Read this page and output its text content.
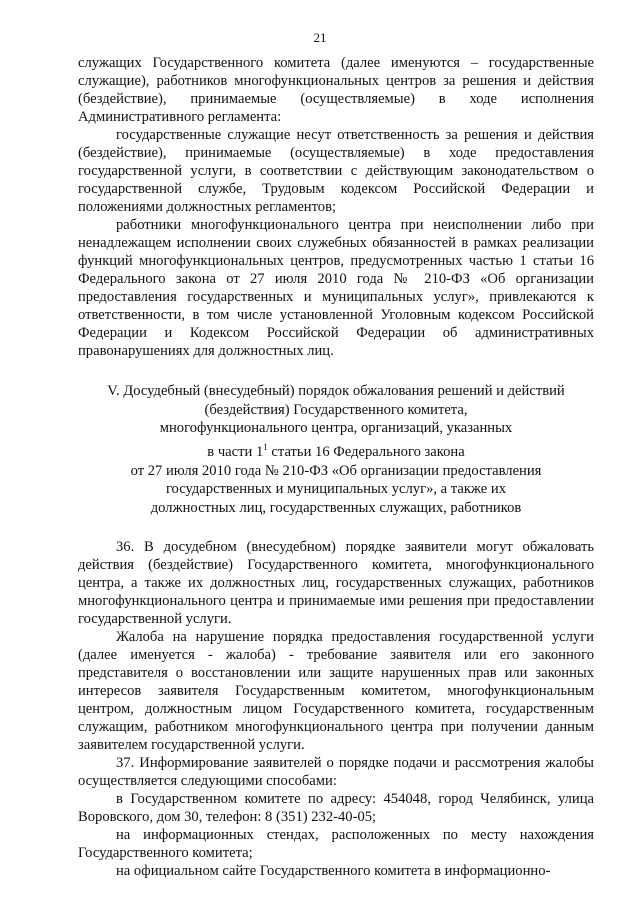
21

служащих Государственного комитета (далее именуются – государственные служащие), работников многофункциональных центров за решения и действия (бездействие), принимаемые (осуществляемые) в ходе исполнения Административного регламента:

государственные служащие несут ответственность за решения и действия (бездействие), принимаемые (осуществляемые) в ходе предоставления государственной услуги, в соответствии с действующим законодательством о государственной службе, Трудовым кодексом Российской Федерации и положениями должностных регламентов;

работники многофункционального центра при неисполнении либо при ненадлежащем исполнении своих служебных обязанностей в рамках реализации функций многофункциональных центров, предусмотренных частью 1 статьи 16 Федерального закона от 27 июля 2010 года № 210-ФЗ «Об организации предоставления государственных и муниципальных услуг», привлекаются к ответственности, в том числе установленной Уголовным кодексом Российской Федерации и Кодексом Российской Федерации об административных правонарушениях для должностных лиц.

V. Досудебный (внесудебный) порядок обжалования решений и действий
(бездействия) Государственного комитета,
многофункционального центра, организаций, указанных
в части $1^1$ статьи 16 Федерального закона
от 27 июля 2010 года № 210-ФЗ «Об организации предоставления
государственных и муниципальных услуг», а также их
должностных лиц, государственных служащих, работников

36. В досудебном (внесудебном) порядке заявители могут обжаловать действия (бездействие) Государственного комитета, многофункционального центра, а также их должностных лиц, государственных служащих, работников многофункционального центра и принимаемые ими решения при предоставлении государственной услуги.

Жалоба на нарушение порядка предоставления государственной услуги (далее именуется - жалоба) - требование заявителя или его законного представителя о восстановлении или защите нарушенных прав или законных интересов заявителя Государственным комитетом, многофункциональным центром, должностным лицом Государственного комитета, государственным служащим, работником многофункционального центра при получении данным заявителем государственной услуги.

37. Информирование заявителей о порядке подачи и рассмотрения жалобы осуществляется следующими способами:

в Государственном комитете по адресу: 454048, город Челябинск, улица Воровского, дом 30, телефон: 8 (351) 232-40-05;

на информационных стендах, расположенных по месту нахождения Государственного комитета;

на официальном сайте Государственного комитета в информационно-
